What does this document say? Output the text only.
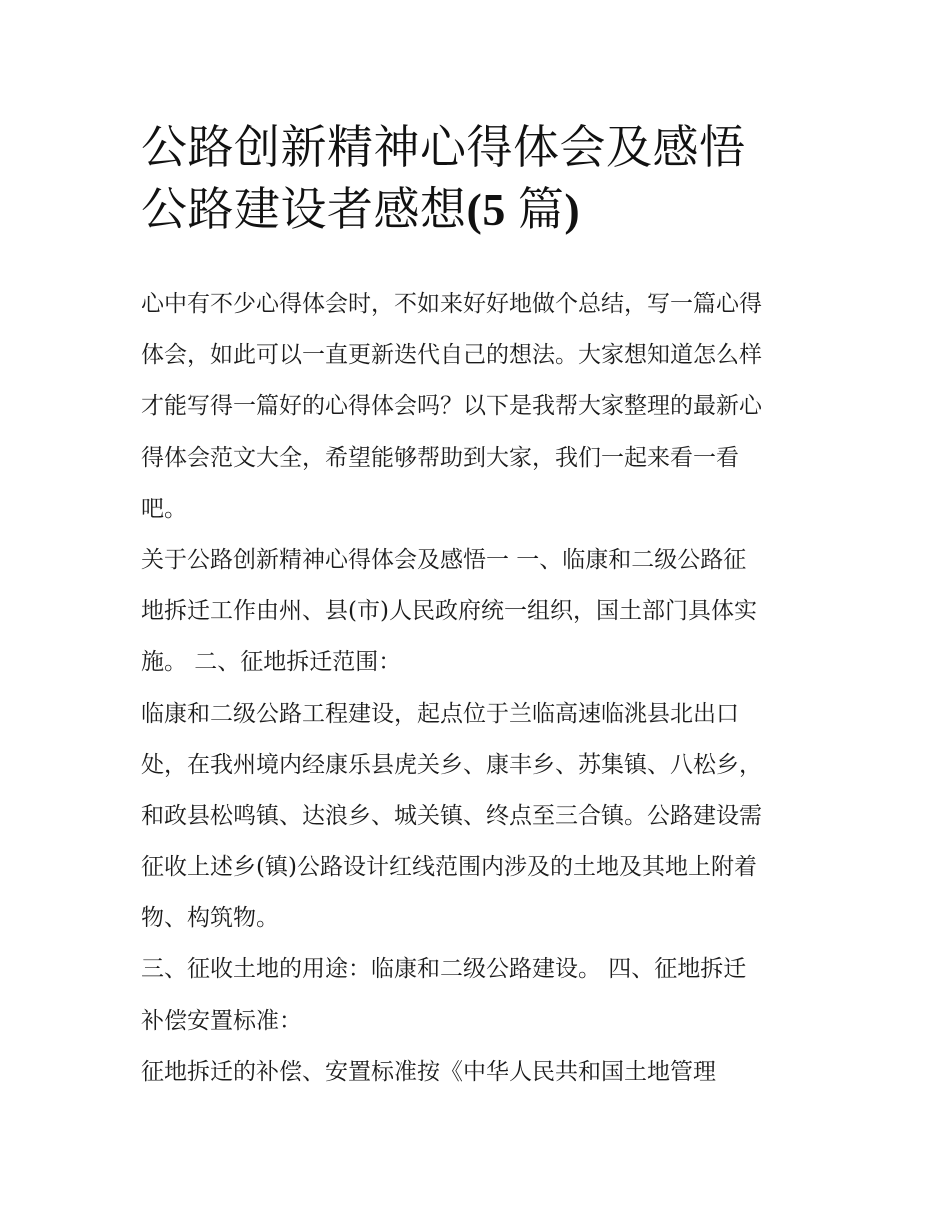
公路创新精神心得体会及感悟
公路建设者感想(5 篇)
心中有不少心得体会时，不如来好好地做个总结，写一篇心得
体会，如此可以一直更新迭代自己的想法。大家想知道怎么样
才能写得一篇好的心得体会吗？以下是我帮大家整理的最新心
得体会范文大全，希望能够帮助到大家，我们一起来看一看
吧。
关于公路创新精神心得体会及感悟一 一、临康和二级公路征
地拆迁工作由州、县(市)人民政府统一组织，国土部门具体实
施。 二、征地拆迁范围：
临康和二级公路工程建设，起点位于兰临高速临洮县北出口
处，在我州境内经康乐县虎关乡、康丰乡、苏集镇、八松乡，
和政县松鸣镇、达浪乡、城关镇、终点至三合镇。公路建设需
征收上述乡(镇)公路设计红线范围内涉及的土地及其地上附着
物、构筑物。
三、征收土地的用途：临康和二级公路建设。 四、征地拆迁
补偿安置标准：
征地拆迁的补偿、安置标准按《中华人民共和国土地管理
